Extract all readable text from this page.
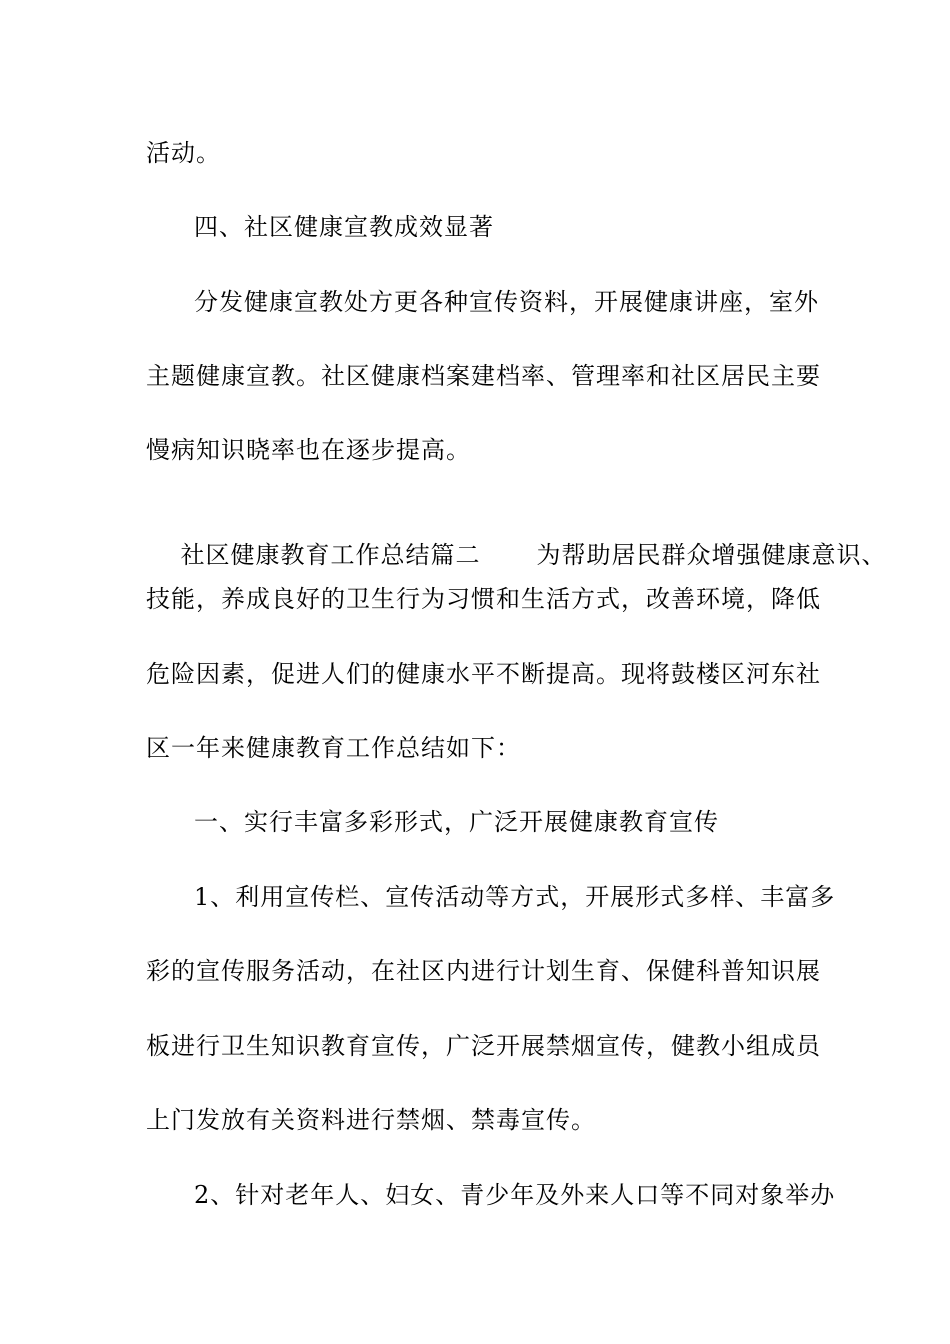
活动。
四、社区健康宣教成效显著
分发健康宣教处方更各种宣传资料，开展健康讲座，室外
主题健康宣教。社区健康档案建档率、管理率和社区居民主要
慢病知识晓率也在逐步提高。

社区健康教育工作总结篇二 为帮助居民群众增强健康意识、

技能，养成良好的卫生行为习惯和生活方式，改善环境，降低
危险因素，促进人们的健康水平不断提高。现将鼓楼区河东社
区一年来健康教育工作总结如下：
一、实行丰富多彩形式，广泛开展健康教育宣传
1、利用宣传栏、宣传活动等方式，开展形式多样、丰富多
彩的宣传服务活动，在社区内进行计划生育、保健科普知识展
板进行卫生知识教育宣传，广泛开展禁烟宣传，健教小组成员
上门发放有关资料进行禁烟、禁毒宣传。
2、针对老年人、妇女、青少年及外来人口等不同对象举办
